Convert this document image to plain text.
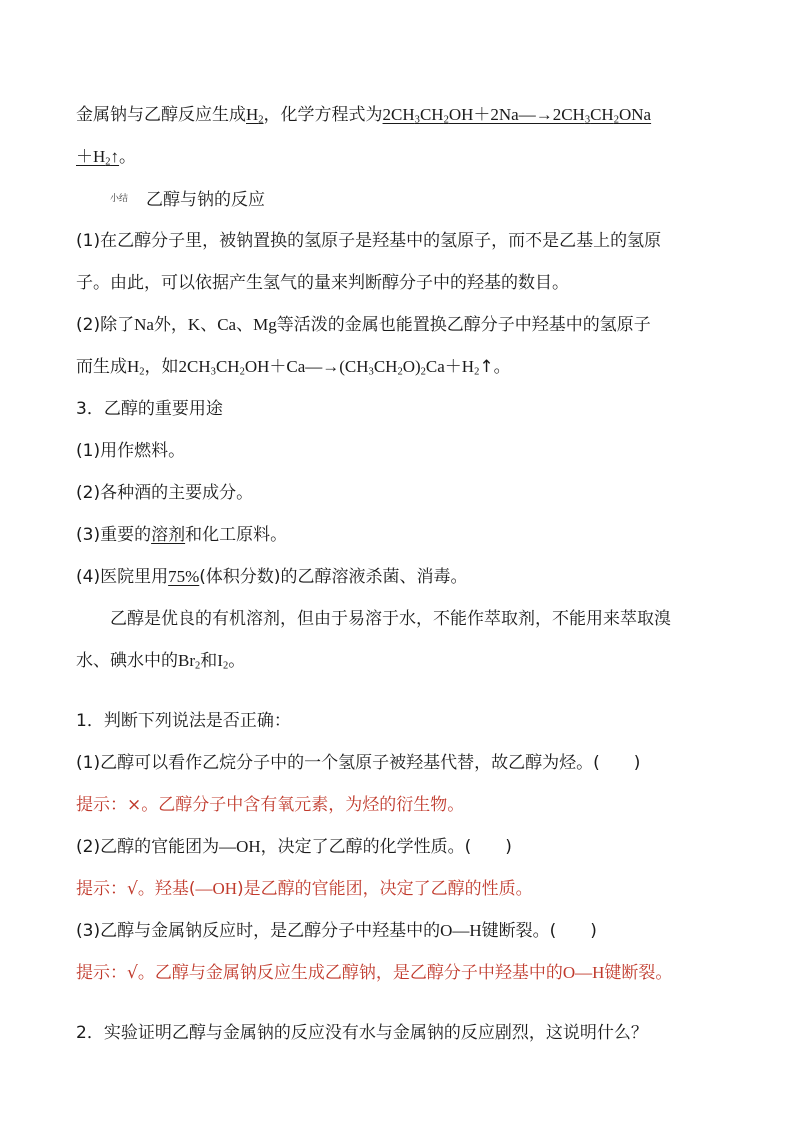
金属钠与乙醇反应生成$H_2$，化学方程式为$2CH_3CH_2OH+2Na―\to 2CH_3CH_2ONa$
$+H_2↑$。
小结 乙醇与钠的反应
(1)在乙醇分子里，被钠置换的氢原子是羟基中的氢原子，而不是乙基上的氢原
子。由此，可以依据产生氢气的量来判断醇分子中的羟基的数目。
(2)除了Na外，K、Ca、Mg等活泼的金属也能置换乙醇分子中羟基中的氢原子
而生成$H_2$，如$2CH_3CH_2OH+Ca―\to(CH_3CH_2O)_2Ca+H_2↑$。
3．乙醇的重要用途
(1)用作燃料。
(2)各种酒的主要成分。
(3)重要的溶剂和化工原料。
(4)医院里用75%(体积分数)的乙醇溶液杀菌、消毒。
乙醇是优良的有机溶剂，但由于易溶于水，不能作萃取剂，不能用来萃取溴
水、碘水中的$Br_2$和$I_2$。
1．判断下列说法是否正确：
(1)乙醇可以看作乙烷分子中的一个氢原子被羟基代替，故乙醇为烃。(　　)
提示：×。乙醇分子中含有氧元素，为烃的衍生物。
(2)乙醇的官能团为—OH，决定了乙醇的化学性质。(　　)
提示：√。羟基(—OH)是乙醇的官能团，决定了乙醇的性质。
(3)乙醇与金属钠反应时，是乙醇分子中羟基中的O—H键断裂。(　　)
提示：√。乙醇与金属钠反应生成乙醇钠，是乙醇分子中羟基中的O—H键断裂。
2．实验证明乙醇与金属钠的反应没有水与金属钠的反应剧烈，这说明什么？
